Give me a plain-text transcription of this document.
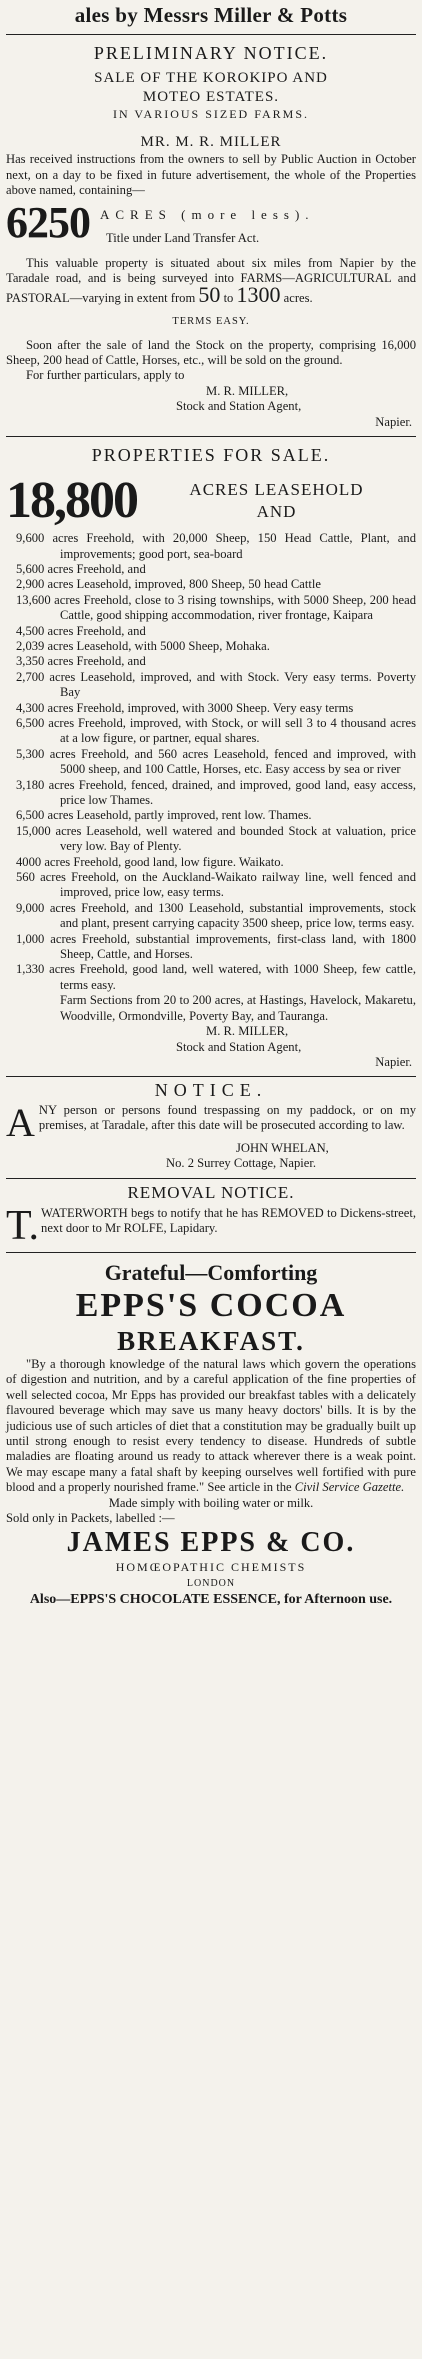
ales by Messrs Miller & Potts
PRELIMINARY NOTICE.
SALE OF THE KOROKIPO AND
MOTEO ESTATES.
IN VARIOUS SIZED FARMS.
MR. M. R. MILLER
Has received instructions from the owners to sell by Public Auction in October next, on a day to be fixed in future advertisement, the whole of the Properties above named, containing—
6250 ACRES (more less).
Title under Land Transfer Act.
This valuable property is situated about six miles from Napier by the Taradale road, and is being surveyed into FARMS—AGRICULTURAL and PASTORAL—varying in extent from 50 to 1300 acres.
TERMS EASY.
Soon after the sale of land the Stock on the property, comprising 16,000 Sheep, 200 head of Cattle, Horses, etc., will be sold on the ground.
For further particulars, apply to
M. R. MILLER,
Stock and Station Agent,
Napier.
PROPERTIES FOR SALE.
18,800	ACRES LEASEHOLD
AND

9,600 acres Freehold, with 20,000 Sheep, 150 Head Cattle, Plant, and improvements; good port, sea-board

5,600 acres Freehold, and

2,900 acres Leasehold, improved, 800 Sheep, 50 head Cattle

13,600 acres Freehold, close to 3 rising townships, with 5000 Sheep, 200 head Cattle, good shipping accommodation, river frontage, Kaipara

4,500 acres Freehold, and

2,039 acres Leasehold, with 5000 Sheep, Mohaka.

3,350 acres Freehold, and

2,700 acres Leasehold, improved, and with Stock. Very easy terms. Poverty Bay

4,300 acres Freehold, improved, with 3000 Sheep. Very easy terms

6,500 acres Freehold, improved, with Stock, or will sell 3 to 4 thousand acres at a low figure, or partner, equal shares.

5,300 acres Freehold, and 560 acres Leasehold, fenced and improved, with 5000 sheep, and 100 Cattle, Horses, etc. Easy access by sea or river

3,180 acres Freehold, fenced, drained, and improved, good land, easy access, price low Thames.

6,500 acres Leasehold, partly improved, rent low. Thames.

15,000 acres Leasehold, well watered and bounded Stock at valuation, price very low. Bay of Plenty.

4000 acres Freehold, good land, low figure. Waikato.

560 acres Freehold, on the Auckland-Waikato railway line, well fenced and improved, price low, easy terms.

9,000 acres Freehold, and 1300 Leasehold, substantial improvements, stock and plant, present carrying capacity 3500 sheep, price low, terms easy.

1,000 acres Freehold, substantial improvements, first-class land, with 1800 Sheep, Cattle, and Horses.

1,330 acres Freehold, good land, well watered, with 1000 Sheep, few cattle, terms easy.

Farm Sections from 20 to 200 acres, at Hastings, Havelock, Makaretu, Woodville, Ormondville, Poverty Bay, and Tauranga.
M. R. MILLER,
Stock and Station Agent,
Napier.
NOTICE.
ANY person or persons found trespassing on my paddock, or on my premises, at Taradale, after this date will be prosecuted according to law.
JOHN WHELAN,
No. 2 Surrey Cottage, Napier.
REMOVAL NOTICE.
T. WATERWORTH begs to notify that he has REMOVED to Dickens-street, next door to Mr ROLFE, Lapidary.
Grateful—Comforting
EPPS'S COCOA
BREAKFAST.
"By a thorough knowledge of the natural laws which govern the operations of digestion and nutrition, and by a careful application of the fine properties of well selected cocoa, Mr Epps has provided our breakfast tables with a delicately flavoured beverage which may save us many heavy doctors' bills. It is by the judicious use of such articles of diet that a constitution may be gradually built up until strong enough to resist every tendency to disease. Hundreds of subtle maladies are floating around us ready to attack wherever there is a weak point. We may escape many a fatal shaft by keeping ourselves well fortified with pure blood and a properly nourished frame." See article in the Civil Service Gazette.
Made simply with boiling water or milk.
Sold only in Packets, labelled :—
JAMES EPPS & CO.
HOMŒOPATHIC CHEMISTS
LONDON
Also—EPPS'S CHOCOLATE ESSENCE, for Afternoon use.
